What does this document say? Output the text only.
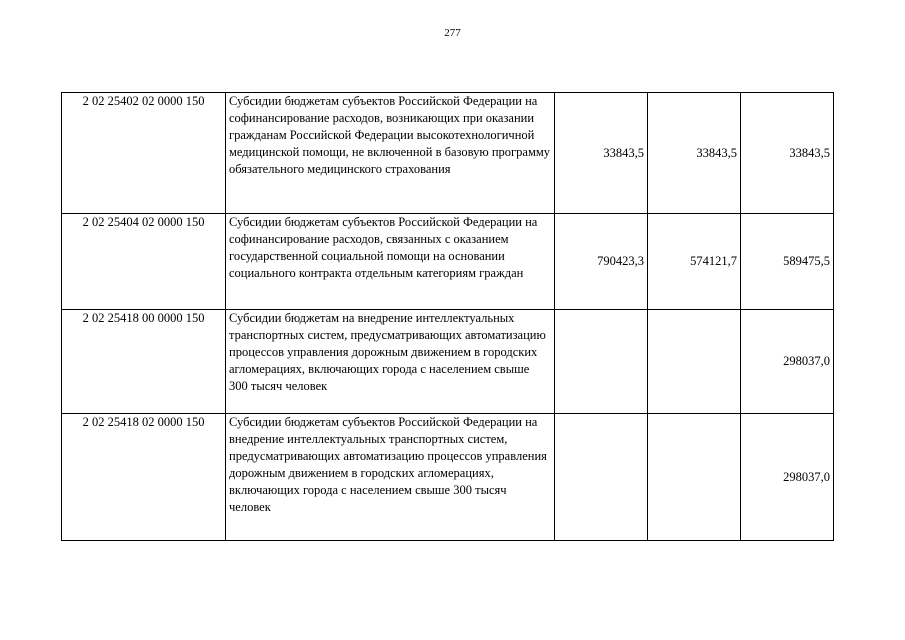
277
2 02 25402 02 0000 150	Субсидии бюджетам субъектов Российской Федерации на софинансирование расходов, возникающих при оказании гражданам Российской Федерации высокотехнологичной медицинской помощи, не включенной в базовую программу обязательного медицинского страхования	33843,5	33843,5	33843,5
2 02 25404 02 0000 150	Субсидии бюджетам субъектов Российской Федерации на софинансирование расходов, связанных с оказанием государственной социальной помощи на основании социального контракта отдельным категориям граждан	790423,3	574121,7	589475,5
2 02 25418 00 0000 150	Субсидии бюджетам на внедрение интеллектуальных транспортных систем, предусматривающих автоматизацию процессов управления дорожным движением в городских агломерациях, включающих города с населением свыше 300 тысяч человек			298037,0
2 02 25418 02 0000 150	Субсидии бюджетам субъектов Российской Федерации на внедрение интеллектуальных транспортных систем, предусматривающих автоматизацию процессов управления дорожным движением в городских агломерациях, включающих города с населением свыше 300 тысяч человек			298037,0
